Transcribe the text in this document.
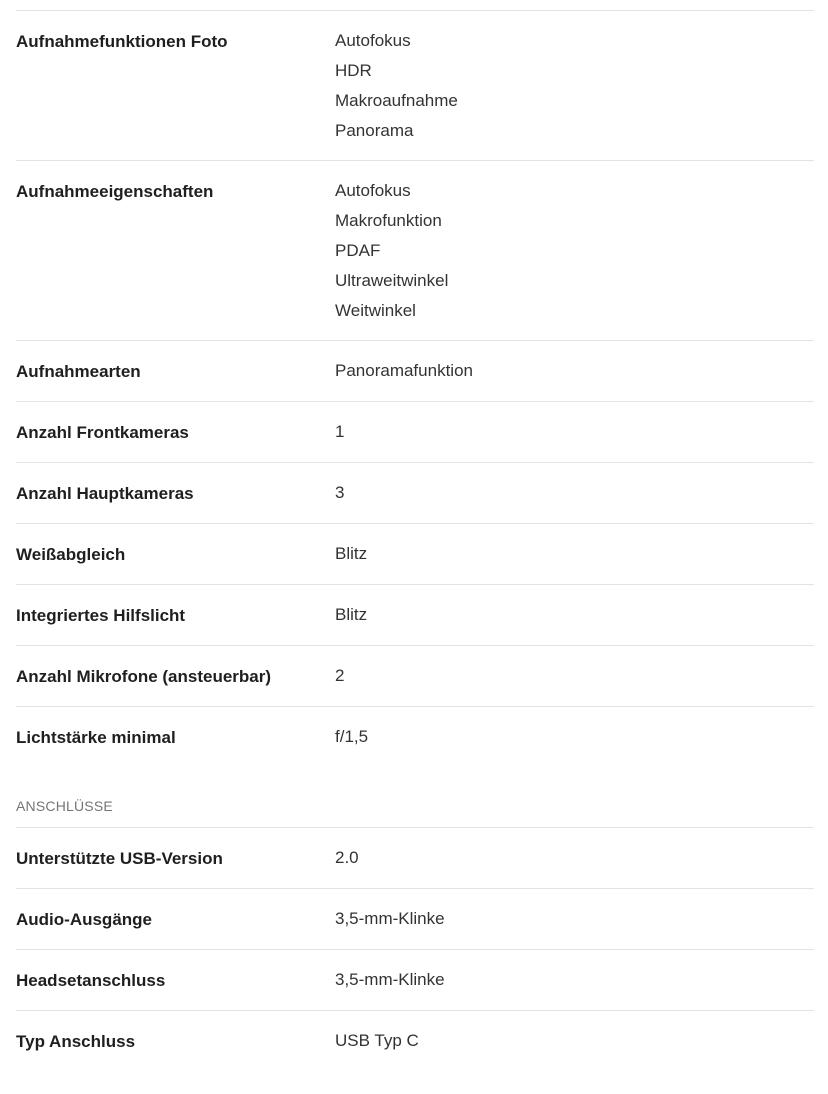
Aufnahmefunktionen Foto	Autofokus
HDR
Makroaufnahme
Panorama
Aufnahmeeigenschaften	Autofokus
Makrofunktion
PDAF
Ultraweitwinkel
Weitwinkel
Aufnahmearten	Panoramafunktion
Anzahl Frontkameras	1
Anzahl Hauptkameras	3
Weißabgleich	Blitz
Integriertes Hilfslicht	Blitz
Anzahl Mikrofone (ansteuerbar)	2
Lichtstärke minimal	f/1,5
ANSCHLÜSSE
Unterstützte USB-Version	2.0
Audio-Ausgänge	3,5-mm-Klinke
Headsetanschluss	3,5-mm-Klinke
Typ Anschluss	USB Typ C
